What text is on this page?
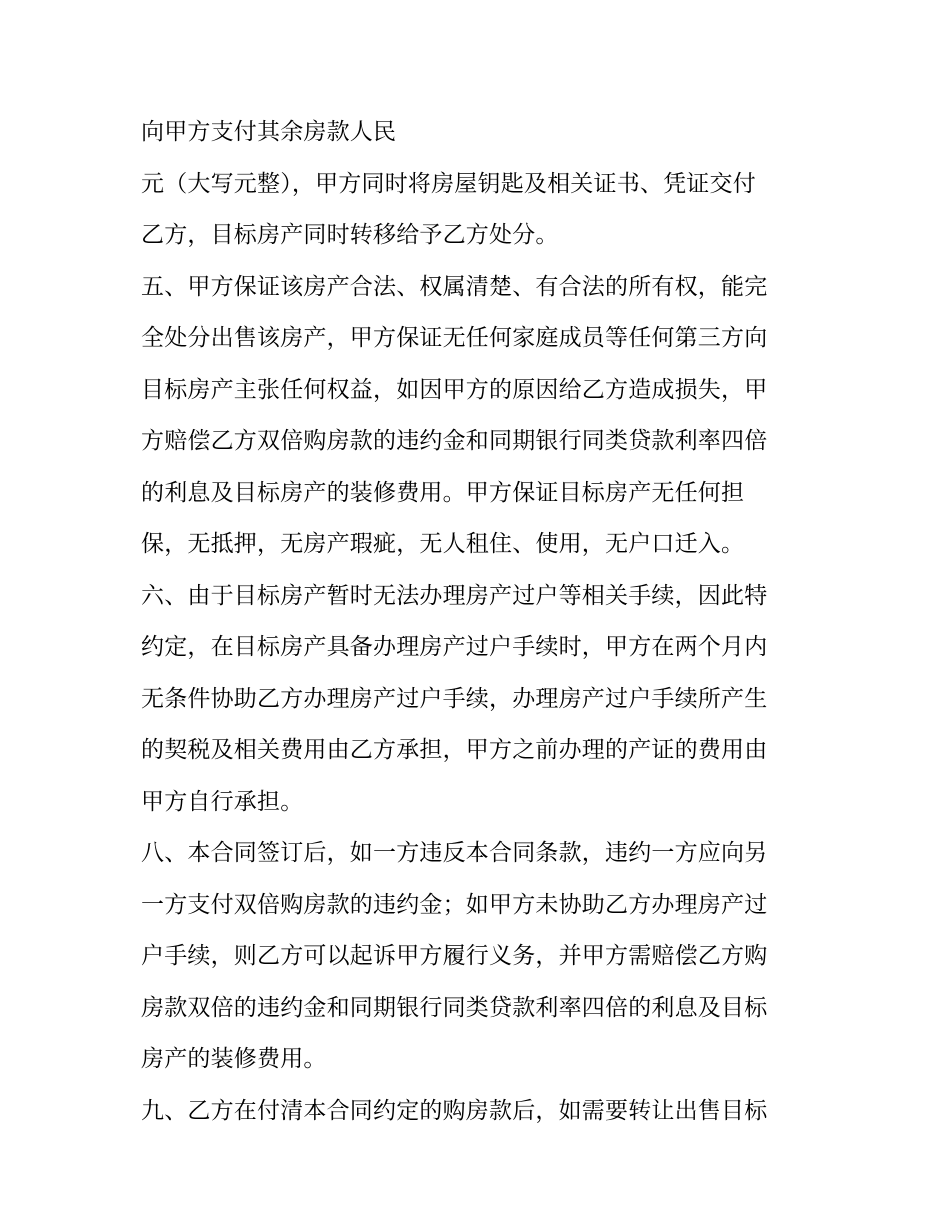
向甲方支付其余房款人民
元（大写元整），甲方同时将房屋钥匙及相关证书、凭证交付
乙方，目标房产同时转移给予乙方处分。
五、甲方保证该房产合法、权属清楚、有合法的所有权，能完
全处分出售该房产，甲方保证无任何家庭成员等任何第三方向
目标房产主张任何权益，如因甲方的原因给乙方造成损失，甲
方赔偿乙方双倍购房款的违约金和同期银行同类贷款利率四倍
的利息及目标房产的装修费用。甲方保证目标房产无任何担
保，无抵押，无房产瑕疵，无人租住、使用，无户口迁入。
六、由于目标房产暂时无法办理房产过户等相关手续，因此特
约定，在目标房产具备办理房产过户手续时，甲方在两个月内
无条件协助乙方办理房产过户手续，办理房产过户手续所产生
的契税及相关费用由乙方承担，甲方之前办理的产证的费用由
甲方自行承担。
八、本合同签订后，如一方违反本合同条款，违约一方应向另
一方支付双倍购房款的违约金；如甲方未协助乙方办理房产过
户手续，则乙方可以起诉甲方履行义务，并甲方需赔偿乙方购
房款双倍的违约金和同期银行同类贷款利率四倍的利息及目标
房产的装修费用。
九、乙方在付清本合同约定的购房款后，如需要转让出售目标
